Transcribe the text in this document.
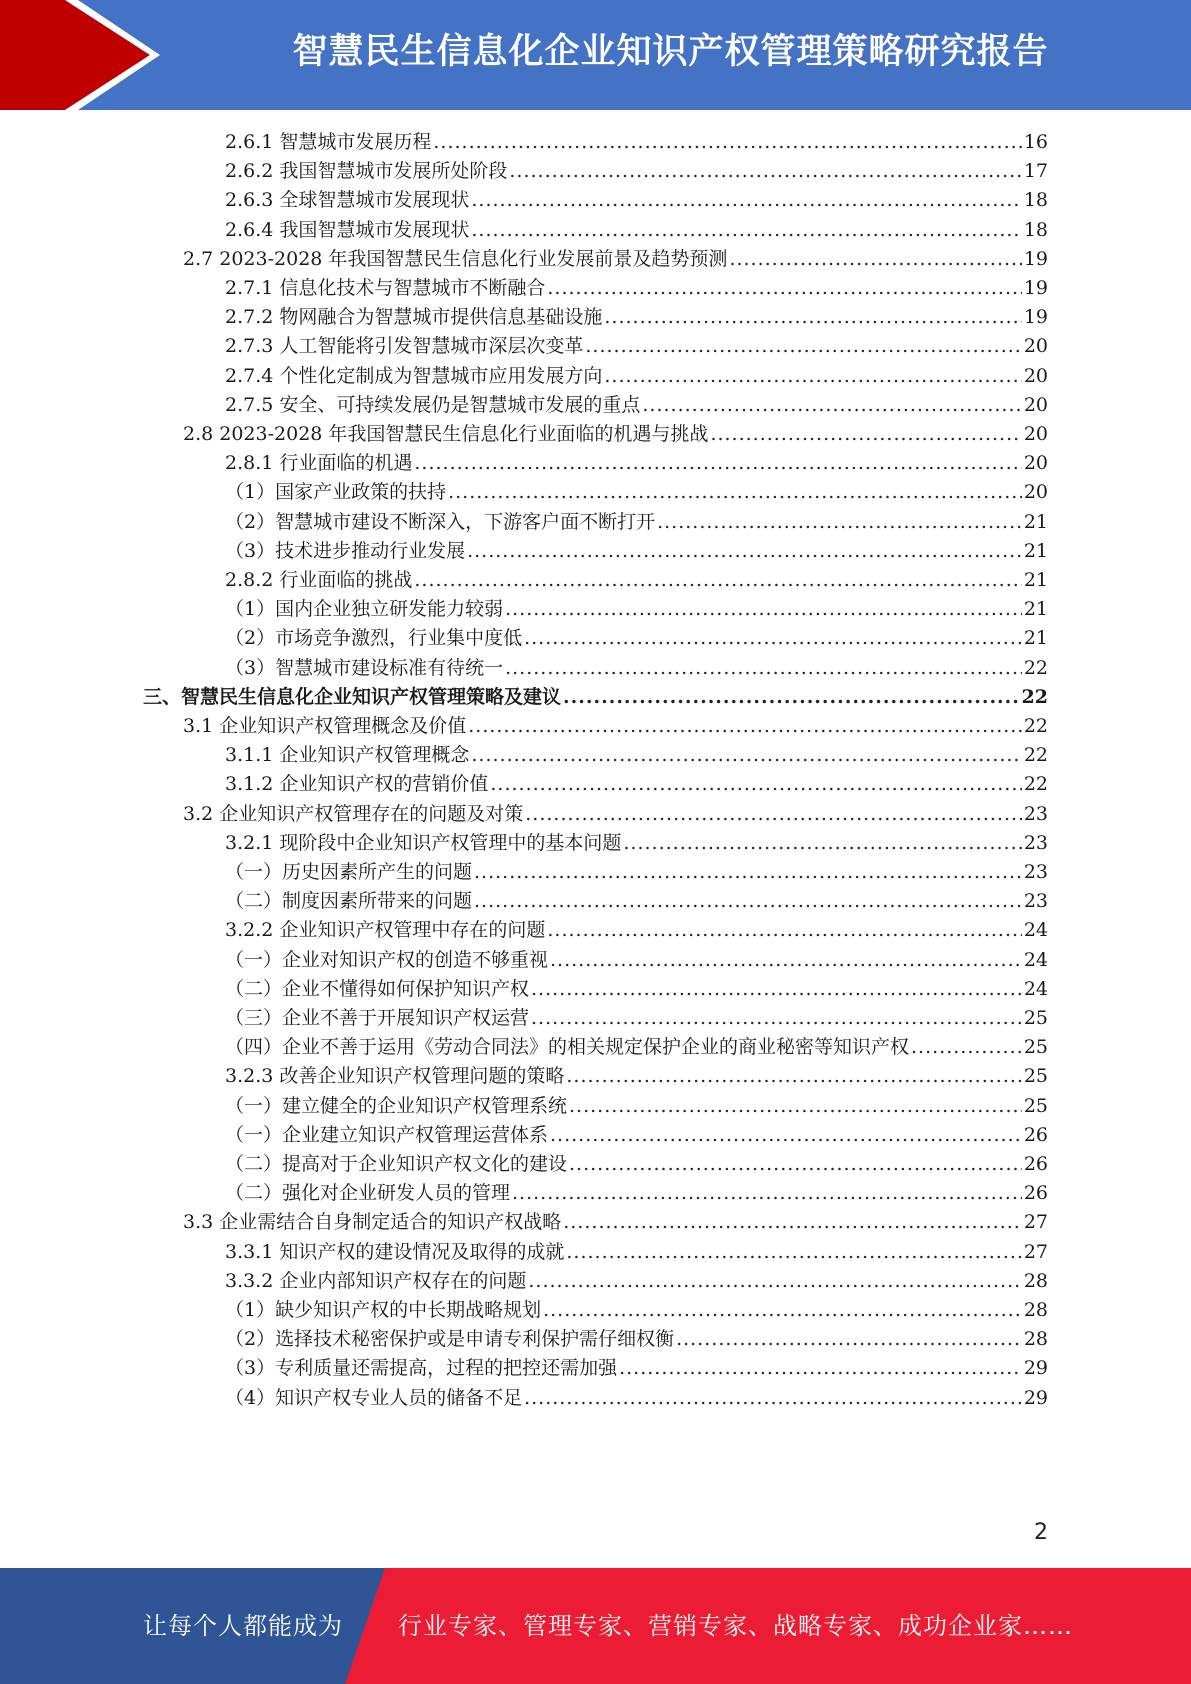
智慧民生信息化企业知识产权管理策略研究报告
2.6.1 智慧城市发展历程 .....	16
2.6.2 我国智慧城市发展所处阶段 .....	17
2.6.3 全球智慧城市发展现状 .....	18
2.6.4 我国智慧城市发展现状 .....	18
2.7 2023-2028 年我国智慧民生信息化行业发展前景及趋势预测 .....	19
2.7.1 信息化技术与智慧城市不断融合 .....	19
2.7.2 物网融合为智慧城市提供信息基础设施 .....	19
2.7.3 人工智能将引发智慧城市深层次变革 .....	20
2.7.4 个性化定制成为智慧城市应用发展方向 .....	20
2.7.5 安全、可持续发展仍是智慧城市发展的重点 .....	20
2.8 2023-2028 年我国智慧民生信息化行业面临的机遇与挑战 .....	20
2.8.1 行业面临的机遇 .....	20
（1）国家产业政策的扶持 .....	20
（2）智慧城市建设不断深入，下游客户面不断打开 .....	21
（3）技术进步推动行业发展 .....	21
2.8.2 行业面临的挑战 .....	21
（1）国内企业独立研发能力较弱 .....	21
（2）市场竞争激烈，行业集中度低 .....	21
（3）智慧城市建设标准有待统一 .....	22
三、智慧民生信息化企业知识产权管理策略及建议 .....	22
3.1 企业知识产权管理概念及价值 .....	22
3.1.1 企业知识产权管理概念 .....	22
3.1.2 企业知识产权的营销价值 .....	22
3.2 企业知识产权管理存在的问题及对策 .....	23
3.2.1 现阶段中企业知识产权管理中的基本问题 .....	23
（一）历史因素所产生的问题 .....	23
（二）制度因素所带来的问题 .....	23
3.2.2 企业知识产权管理中存在的问题 .....	24
（一）企业对知识产权的创造不够重视 .....	24
（二）企业不懂得如何保护知识产权 .....	24
（三）企业不善于开展知识产权运营 .....	25
（四）企业不善于运用《劳动合同法》的相关规定保护企业的商业秘密等知识产权 .....	25
3.2.3 改善企业知识产权管理问题的策略 .....	25
（一）建立健全的企业知识产权管理系统 .....	25
（一）企业建立知识产权管理运营体系 .....	26
（二）提高对于企业知识产权文化的建设 .....	26
（二）强化对企业研发人员的管理 .....	26
3.3 企业需结合自身制定适合的知识产权战略 .....	27
3.3.1 知识产权的建设情况及取得的成就 .....	27
3.3.2 企业内部知识产权存在的问题 .....	28
（1）缺少知识产权的中长期战略规划 .....	28
（2）选择技术秘密保护或是申请专利保护需仔细权衡 .....	28
（3）专利质量还需提高，过程的把控还需加强 .....	29
（4）知识产权专业人员的储备不足 .....	29
2
让每个人都能成为 行业专家、管理专家、营销专家、战略专家、成功企业家……
